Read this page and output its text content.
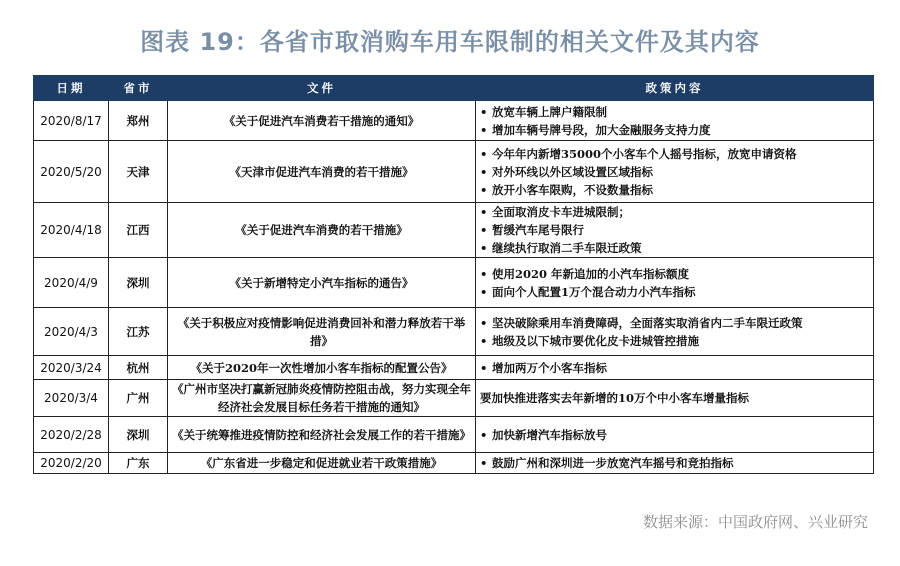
图表 19：各省市取消购车用车限制的相关文件及其内容
日期	省市	文件	政策内容
2020/8/17	郑州	《关于促进汽车消费若干措施的通知》	• 放宽车辆上牌户籍限制
• 增加车辆号牌号段，加大金融服务支持力度

2020/5/20	天津	《天津市促进汽车消费的若干措施》	• 今年年内新增35000个小客车个人摇号指标，放宽申请资格
• 对外环线以外区域设置区域指标
• 放开小客车限购，不设数量指标

2020/4/18	江西	《关于促进汽车消费的若干措施》	• 全面取消皮卡车进城限制；
• 暂缓汽车尾号限行
• 继续执行取消二手车限迁政策

2020/4/9	深圳	《关于新增特定小汽车指标的通告》	• 使用2020 年新追加的小汽车指标额度
• 面向个人配置1万个混合动力小汽车指标

2020/4/3	江苏	《关于积极应对疫情影响促进消费回补和潜力释放若干举措》	• 坚决破除乘用车消费障碍，全面落实取消省内二手车限迁政策
• 地级及以下城市要优化皮卡进城管控措施

2020/3/24	杭州	《关于2020年一次性增加小客车指标的配置公告》	• 增加两万个小客车指标

2020/3/4	广州	《广州市坚决打赢新冠肺炎疫情防控阻击战，努力实现全年经济社会发展目标任务若干措施的通知》	要加快推进落实去年新增的10万个中小客车增量指标

2020/2/28	深圳	《关于统筹推进疫情防控和经济社会发展工作的若干措施》	• 加快新增汽车指标放号

2020/2/20	广东	《广东省进一步稳定和促进就业若干政策措施》	• 鼓励广州和深圳进一步放宽汽车摇号和竞拍指标
数据来源：中国政府网、兴业研究
